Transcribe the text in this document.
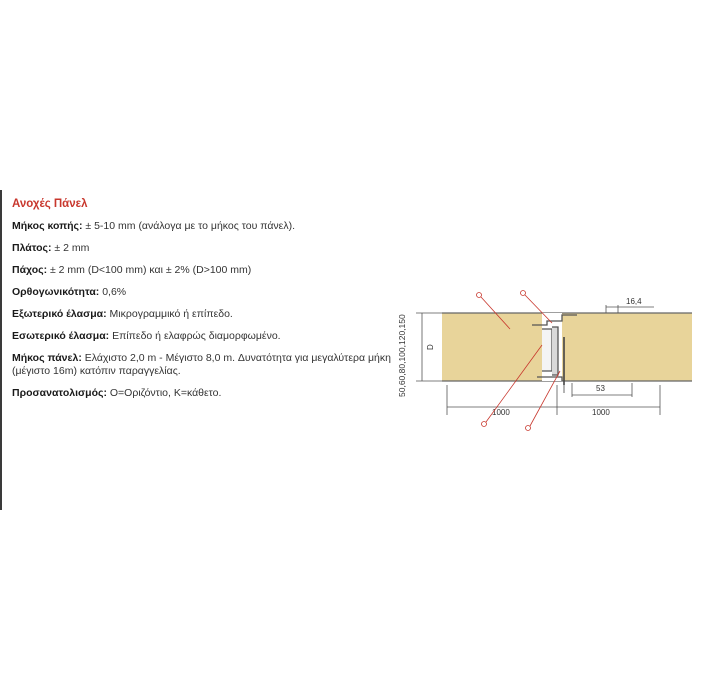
Ανοχές Πάνελ
Μήκος κοπής: ± 5-10 mm (ανάλογα με το μήκος του πάνελ).
Πλάτος: ± 2 mm
Πάχος: ± 2 mm (D<100 mm) και ± 2% (D>100 mm)
Ορθογωνικότητα: 0,6%
Εξωτερικό έλασμα: Μικρογραμμικό ή επίπεδο.
Εσωτερικό έλασμα: Επίπεδο ή ελαφρώς διαμορφωμένο.
Μήκος πάνελ: Ελάχιστο 2,0 m - Μέγιστο 8,0 m. Δυνατότητα για μεγαλύτερα μήκη (μέγιστο 16m) κατόπιν παραγγελίας.
Προσανατολισμός: Ο=Οριζόντιο, Κ=κάθετο.	50,60,80,100,120,150 D
16,4
53
1000	1000
